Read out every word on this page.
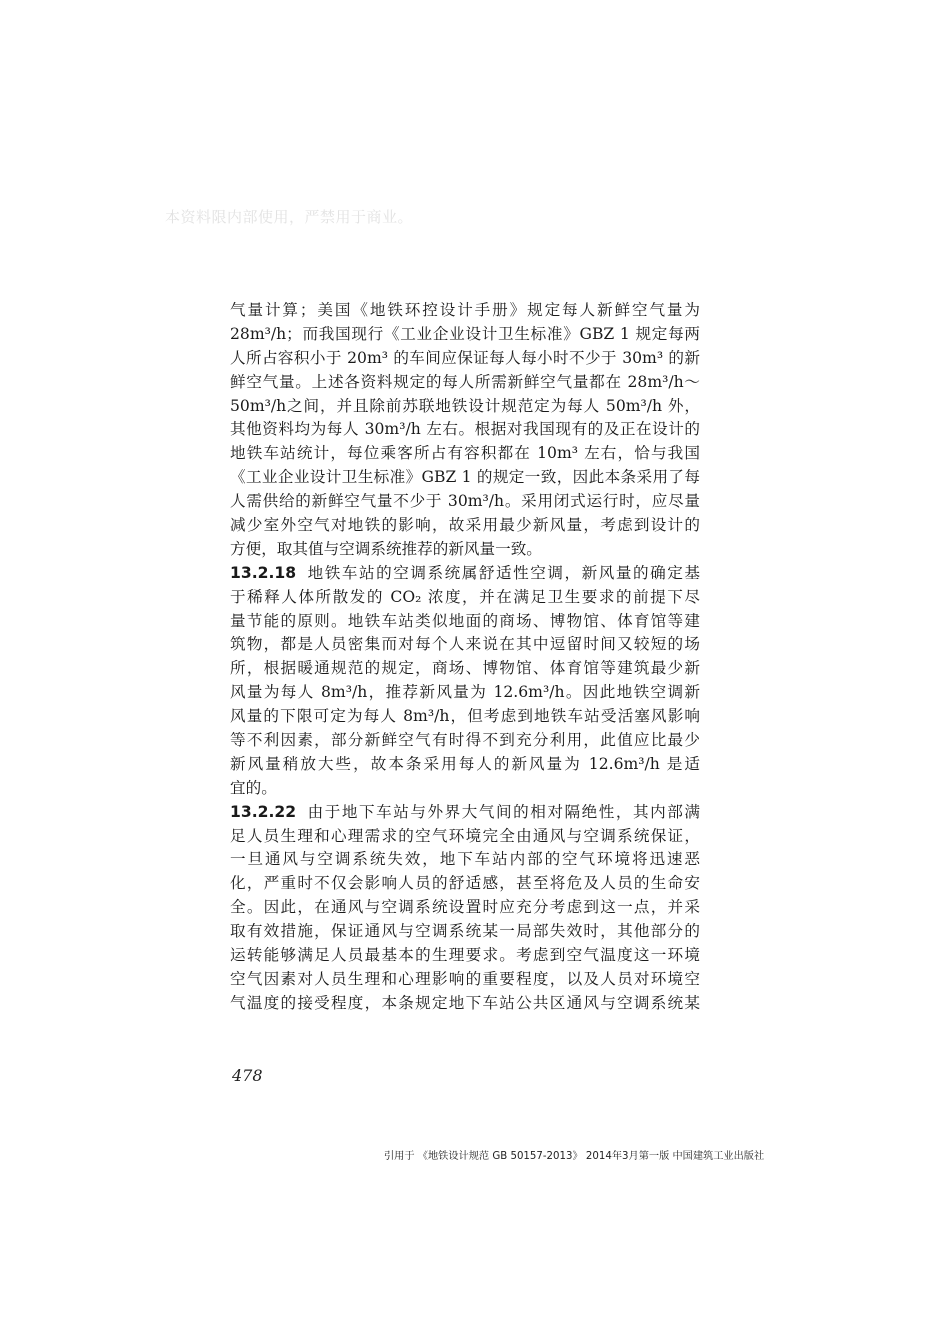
本资料限内部使用，严禁用于商业。
气量计算；美国《地铁环控设计手册》规定每人新鲜空气量为
28m³/h；而我国现行《工业企业设计卫生标准》GBZ 1 规定每两
人所占容积小于 20m³ 的车间应保证每人每小时不少于 30m³ 的新
鲜空气量。上述各资料规定的每人所需新鲜空气量都在 28m³/h～
50m³/h之间，并且除前苏联地铁设计规范定为每人 50m³/h 外，
其他资料均为每人 30m³/h 左右。根据对我国现有的及正在设计的
地铁车站统计，每位乘客所占有容积都在 10m³ 左右，恰与我国
《工业企业设计卫生标准》GBZ 1 的规定一致，因此本条采用了每
人需供给的新鲜空气量不少于 30m³/h。采用闭式运行时，应尽量
减少室外空气对地铁的影响，故采用最少新风量，考虑到设计的
方便，取其值与空调系统推荐的新风量一致。
13.2.18 地铁车站的空调系统属舒适性空调，新风量的确定基
于稀释人体所散发的 CO₂ 浓度，并在满足卫生要求的前提下尽
量节能的原则。地铁车站类似地面的商场、博物馆、体育馆等建
筑物，都是人员密集而对每个人来说在其中逗留时间又较短的场
所，根据暖通规范的规定，商场、博物馆、体育馆等建筑最少新
风量为每人 8m³/h，推荐新风量为 12.6m³/h。因此地铁空调新
风量的下限可定为每人 8m³/h，但考虑到地铁车站受活塞风影响
等不利因素，部分新鲜空气有时得不到充分利用，此值应比最少
新风量稍放大些，故本条采用每人的新风量为 12.6m³/h 是适
宜的。
13.2.22 由于地下车站与外界大气间的相对隔绝性，其内部满
足人员生理和心理需求的空气环境完全由通风与空调系统保证，
一旦通风与空调系统失效，地下车站内部的空气环境将迅速恶
化，严重时不仅会影响人员的舒适感，甚至将危及人员的生命安
全。因此，在通风与空调系统设置时应充分考虑到这一点，并采
取有效措施，保证通风与空调系统某一局部失效时，其他部分的
运转能够满足人员最基本的生理要求。考虑到空气温度这一环境
空气因素对人员生理和心理影响的重要程度，以及人员对环境空
气温度的接受程度，本条规定地下车站公共区通风与空调系统某
478
引用于 《地铁设计规范 GB 50157-2013》 2014年3月第一版 中国建筑工业出版社
